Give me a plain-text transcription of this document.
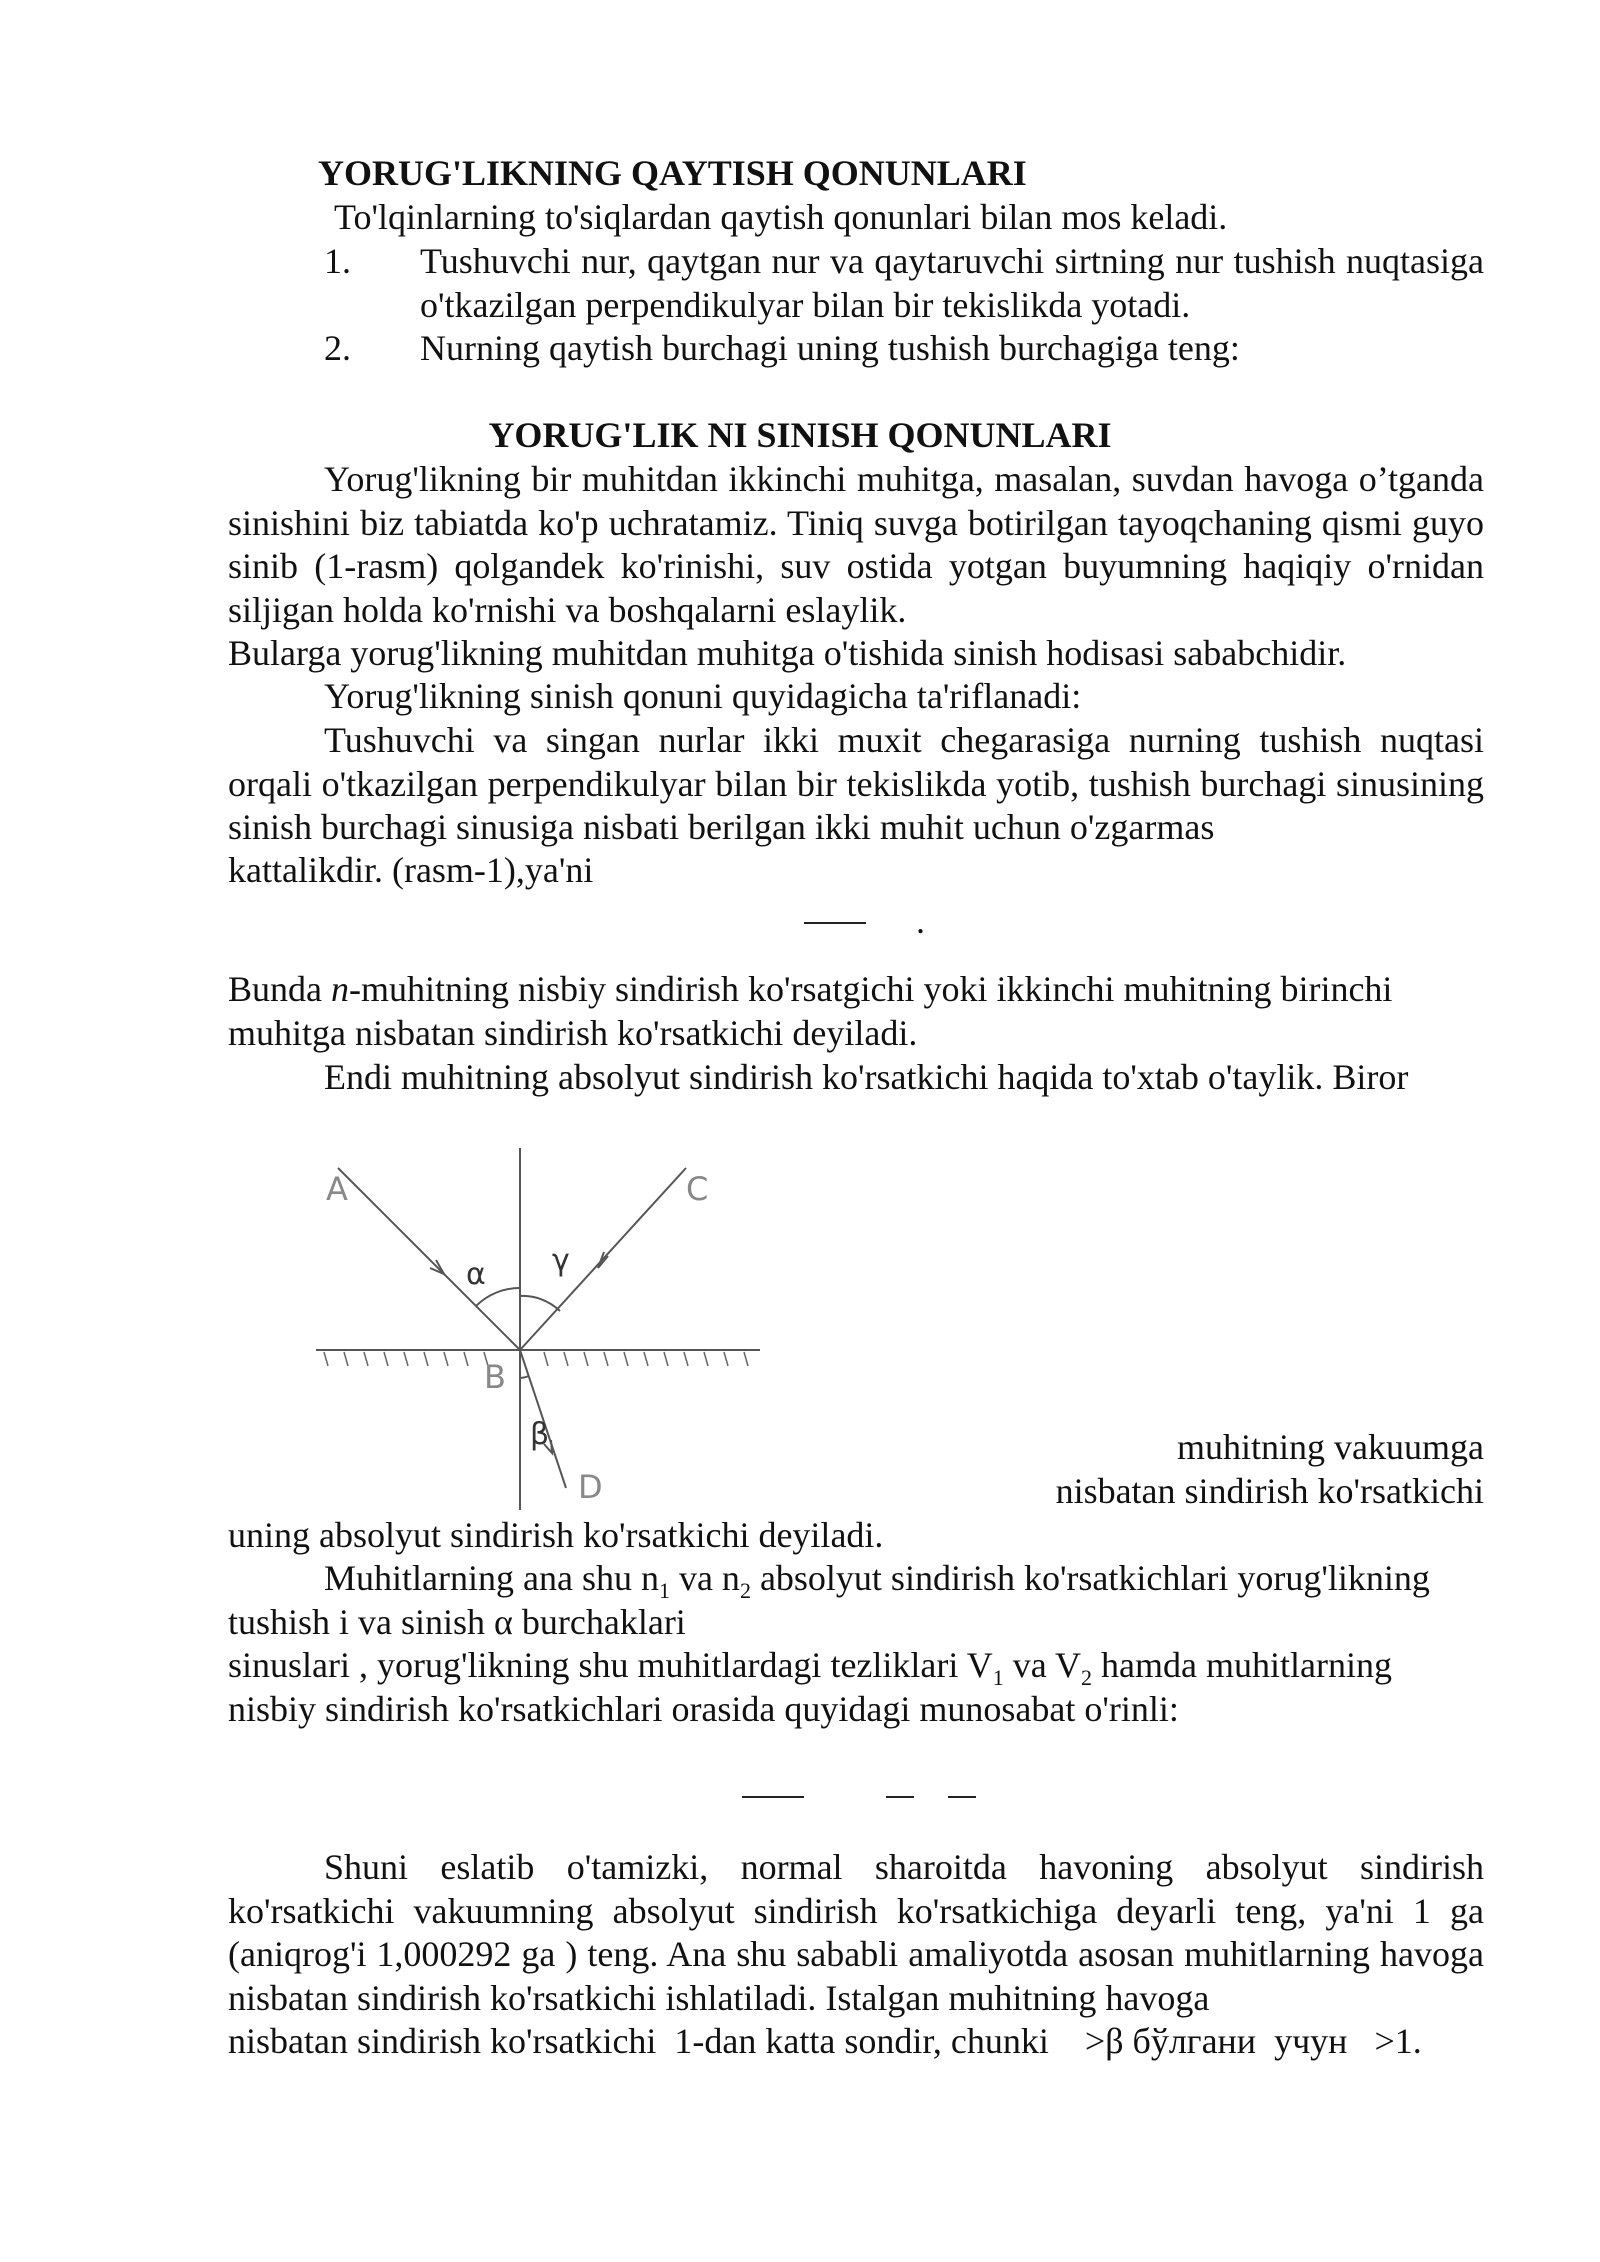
YORUG'LIKNING QAYTISH QONUNLARI
To'lqinlarning to'siqlardan qaytish qonunlari bilan mos keladi.
1. Tushuvchi nur, qaytgan nur va qaytaruvchi sirtning nur tushish nuqtasiga o'tkazilgan perpendikulyar bilan bir tekislikda yotadi.
2. Nurning qaytish burchagi uning tushish burchagiga teng:
YORUG'LIK NI SINISH QONUNLARI
Yorug'likning bir muhitdan ikkinchi muhitga, masalan, suvdan havoga o’tganda sinishini biz tabiatda ko'p uchratamiz. Tiniq suvga botirilgan tayoqchaning qismi guyo sinib (1-rasm) qolgandek ko'rinishi, suv ostida yotgan buyumning haqiqiy o'rnidan siljigan holda ko'rnishi va boshqalarni eslaylik.
Bularga yorug'likning muhitdan muhitga o'tishida sinish hodisasi sababchidir.
Yorug'likning sinish qonuni quyidagicha ta'riflanadi:
Tushuvchi va singan nurlar ikki muxit chegarasiga nurning tushish nuqtasi orqali o'tkazilgan perpendikulyar bilan bir tekislikda yotib, tushish burchagi sinusining sinish burchagi sinusiga nisbati berilgan ikki muhit uchun o'zgarmas
kattalikdir. (rasm-1),ya'ni
.
Bunda n-muhitning nisbiy sindirish ko'rsatgichi yoki ikkinchi muhitning birinchi
muhitga nisbatan sindirish ko'rsatkichi deyiladi.
Endi muhitning absolyut sindirish ko'rsatkichi haqida to'xtab o'taylik. Biror
A	C
B
D
α γ
β	muhitning vakuumga
nisbatan sindirish ko'rsatkichi
uning absolyut sindirish ko'rsatkichi deyiladi.
Muhitlarning ana shu $n_1$ va $n_2$ absolyut sindirish ko'rsatkichlari yorug'likning
tushish i va sinish α burchaklari
sinuslari , yorug'likning shu muhitlardagi tezliklari $V_1$ va $V_2$ hamda muhitlarning
nisbiy sindirish ko'rsatkichlari orasida quyidagi munosabat o'rinli:
Shuni eslatib o'tamizki, normal sharoitda havoning absolyut sindirish ko'rsatkichi vakuumning absolyut sindirish ko'rsatkichiga deyarli teng, ya'ni 1 ga (aniqrog'i 1,000292 ga ) teng. Ana shu sababli amaliyotda asosan muhitlarning havoga nisbatan sindirish ko'rsatkichi ishlatiladi. Istalgan muhitning havoga
nisbatan sindirish ko'rsatkichi  1-dan katta sondir, chunki    >β бўлгани  учун   >1.
